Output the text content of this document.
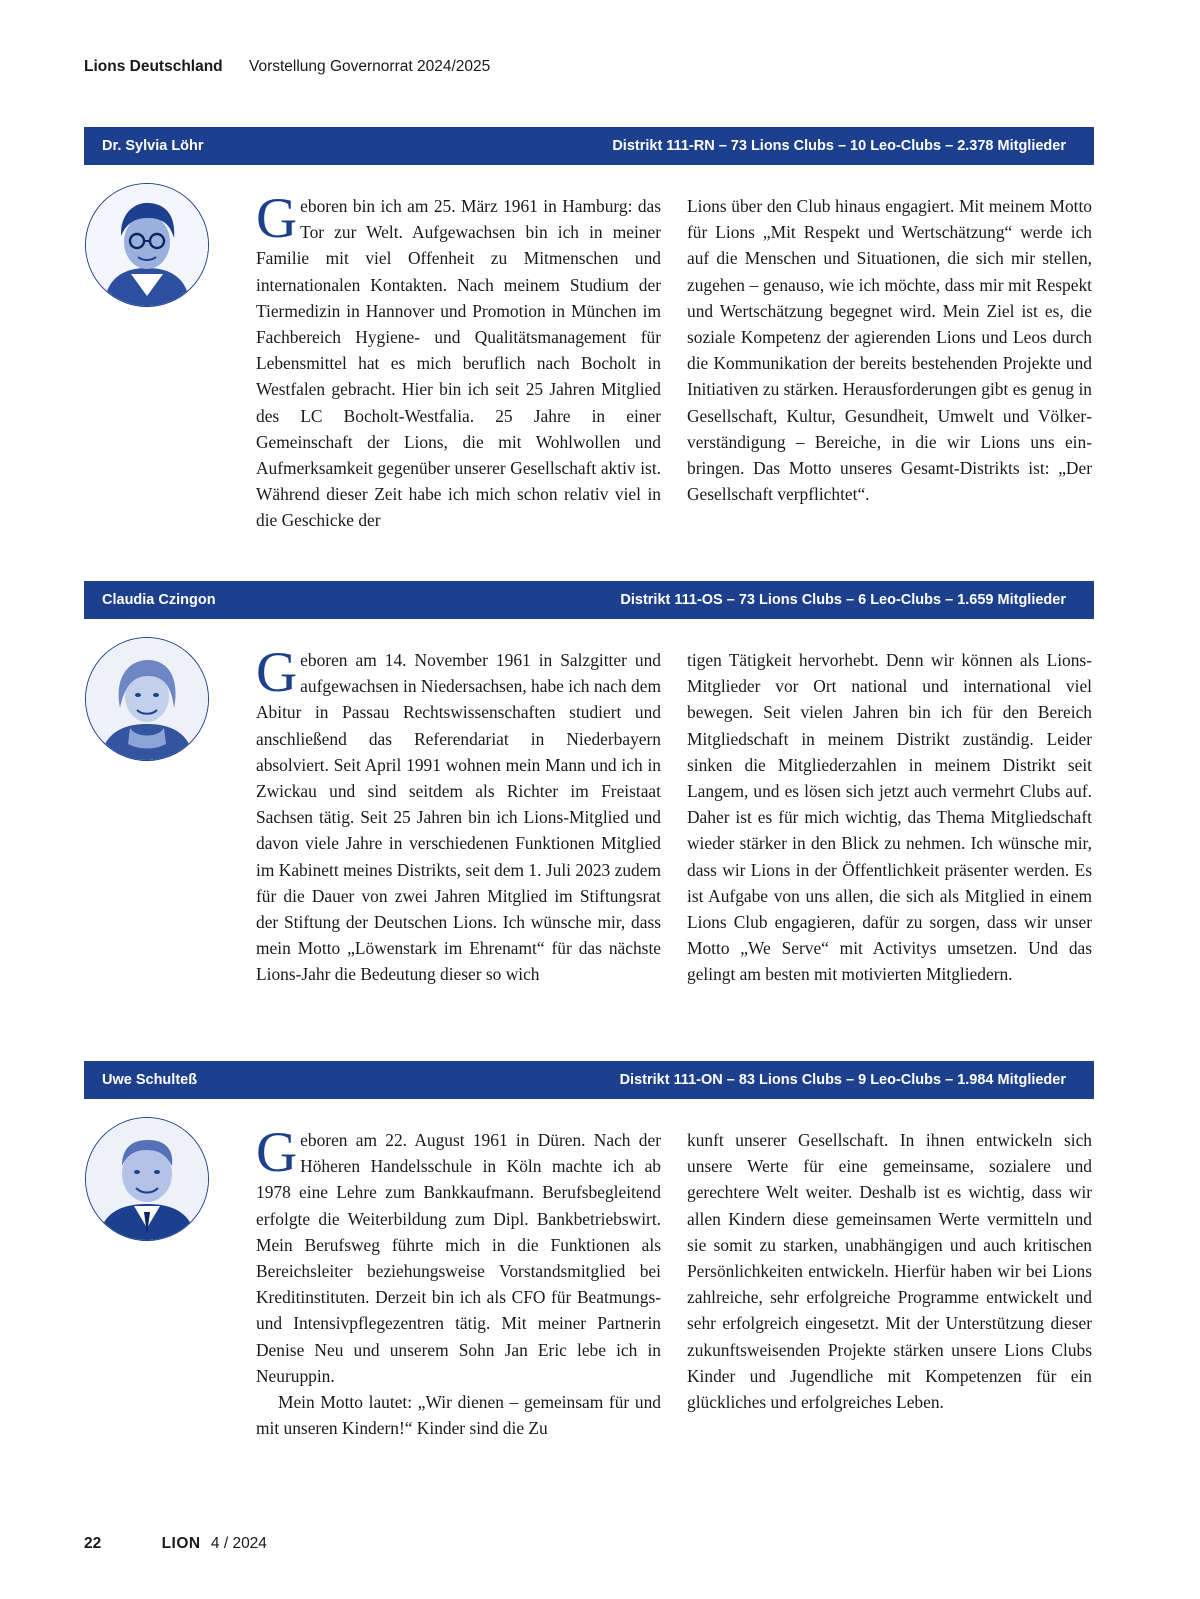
Lions Deutschland Vorstellung Governorrat 2024/2025
Dr. Sylvia Löhr	Distrikt 111-RN – 73 Lions Clubs – 10 Leo-Clubs – 2.378 Mitglieder
G eboren bin ich am 25. März 1961 in Hamburg: das Tor zur Welt. Aufgewachsen bin ich in meiner Familie mit viel Offenheit zu Mitmenschen und internationalen Kontakten. Nach meinem Studium der Tiermedizin in Hannover und Promotion in München im Fachbereich Hygiene- und Qualitätsmanagement für Lebensmittel hat es mich beruflich nach Bocholt in Westfalen gebracht. Hier bin ich seit 25 Jahren Mitglied des LC Bocholt-Westfalia. 25 Jahre in einer Gemeinschaft der Lions, die mit Wohlwollen und Aufmerksamkeit gegenüber unserer Gesellschaft aktiv ist. Während dieser Zeit habe ich mich schon relativ viel in die Geschicke der

Lions über den Club hinaus engagiert. Mit meinem Motto für Lions „Mit Respekt und Wertschätzung“ werde ich auf die Menschen und Situationen, die sich mir stellen, zugehen – genauso, wie ich möchte, dass mir mit Respekt und Wertschätzung begegnet wird. Mein Ziel ist es, die soziale Kompetenz der agierenden Lions und Leos durch die Kommunikation der bereits bestehenden Projekte und Initiativen zu stärken. Herausforderungen gibt es genug in Gesellschaft, Kultur, Gesundheit, Umwelt und Völkerverständigung – Bereiche, in die wir Lions uns einbringen. Das Motto unseres Gesamt-Distrikts ist: „Der Gesellschaft verpflichtet“.

Claudia Czingon	Distrikt 111-OS – 73 Lions Clubs – 6 Leo-Clubs – 1.659 Mitglieder
G eboren am 14. November 1961 in Salzgitter und aufgewachsen in Niedersachsen, habe ich nach dem Abitur in Passau Rechtswissenschaften studiert und anschließend das Referendariat in Niederbayern absolviert. Seit April 1991 wohnen mein Mann und ich in Zwickau und sind seitdem als Richter im Freistaat Sachsen tätig. Seit 25 Jahren bin ich Lions-Mitglied und davon viele Jahre in verschiedenen Funktionen Mitglied im Kabinett meines Distrikts, seit dem 1. Juli 2023 zudem für die Dauer von zwei Jahren Mitglied im Stiftungsrat der Stiftung der Deutschen Lions. Ich wünsche mir, dass mein Motto „Löwenstark im Ehrenamt“ für das nächste Lions-Jahr die Bedeutung dieser so wich

tigen Tätigkeit hervorhebt. Denn wir können als Lions-Mitglieder vor Ort national und international viel bewegen. Seit vielen Jahren bin ich für den Bereich Mitgliedschaft in meinem Distrikt zuständig. Leider sinken die Mitgliederzahlen in meinem Distrikt seit Langem, und es lösen sich jetzt auch vermehrt Clubs auf. Daher ist es für mich wichtig, das Thema Mitgliedschaft wieder stärker in den Blick zu nehmen. Ich wünsche mir, dass wir Lions in der Öffentlichkeit präsenter werden. Es ist Aufgabe von uns allen, die sich als Mitglied in einem Lions Club engagieren, dafür zu sorgen, dass wir unser Motto „We Serve“ mit Activitys umsetzen. Und das gelingt am besten mit motivierten Mitgliedern.

Uwe Schulteß	Distrikt 111-ON – 83 Lions Clubs – 9 Leo-Clubs – 1.984 Mitglieder
G eboren am 22. August 1961 in Düren. Nach der Höheren Handelsschule in Köln machte ich ab 1978 eine Lehre zum Bankkaufmann. Berufsbegleitend erfolgte die Weiterbildung zum Dipl. Bankbetriebswirt. Mein Berufsweg führte mich in die Funktionen als Bereichsleiter beziehungsweise Vorstandsmitglied bei Kreditinstituten. Derzeit bin ich als CFO für Beatmungs- und Intensivpflegezentren tätig. Mit meiner Partnerin Denise Neu und unserem Sohn Jan Eric lebe ich in Neuruppin.

Mein Motto lautet: „Wir dienen – gemeinsam für und mit unseren Kindern!“ Kinder sind die Zu

kunft unserer Gesellschaft. In ihnen entwickeln sich unsere Werte für eine gemeinsame, sozialere und gerechtere Welt weiter. Deshalb ist es wichtig, dass wir allen Kindern diese gemeinsamen Werte vermitteln und sie somit zu starken, unabhängigen und auch kritischen Persönlichkeiten entwickeln. Hierfür haben wir bei Lions zahlreiche, sehr erfolgreiche Programme entwickelt und sehr erfolgreich eingesetzt. Mit der Unterstützung dieser zukunftsweisenden Projekte stärken unsere Lions Clubs Kinder und Jugendliche mit Kompetenzen für ein glückliches und erfolgreiches Leben.

22	LION 4 / 2024
